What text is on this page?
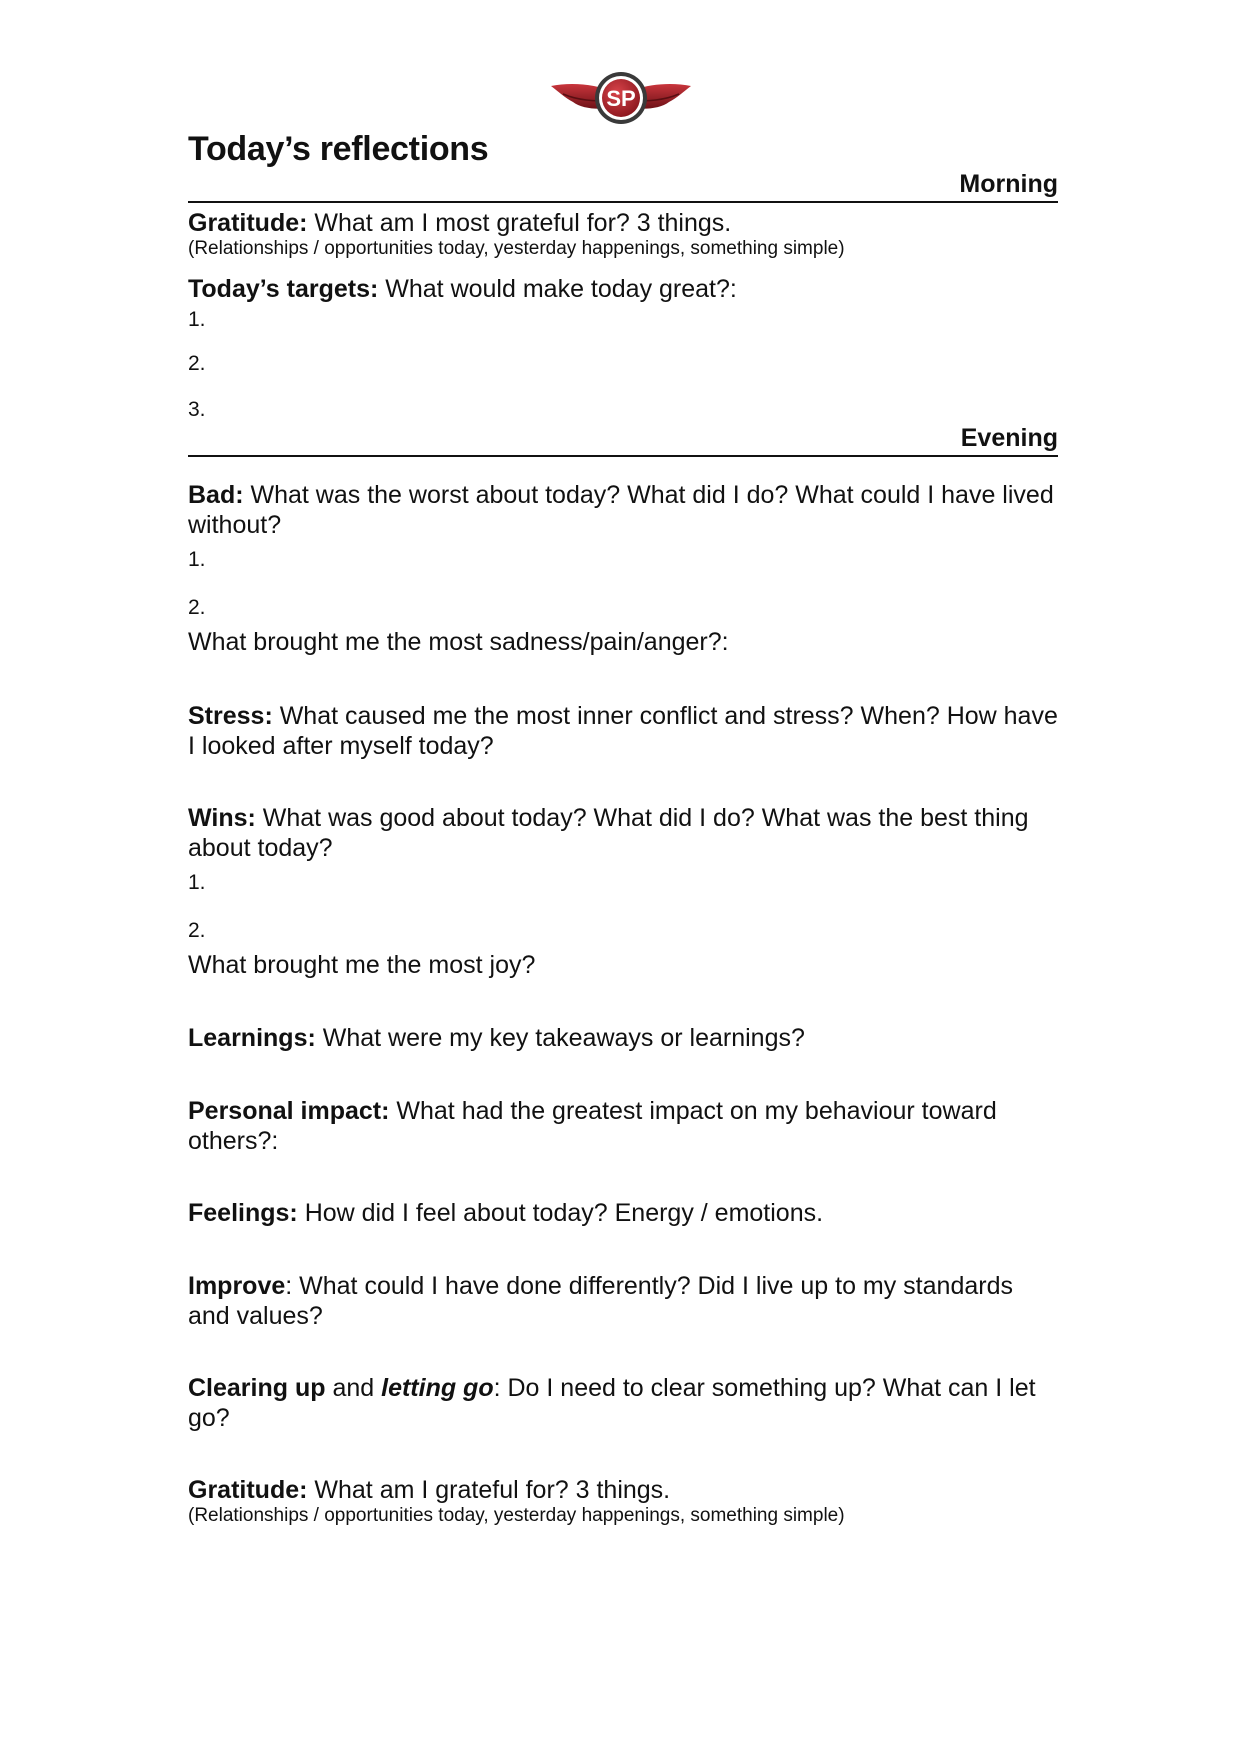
SP
Today’s reflections
Morning
Gratitude: What am I most grateful for? 3 things.
(Relationships / opportunities today, yesterday happenings, something simple)
Today’s targets: What would make today great?:
1.
2.
3.
Evening
Bad: What was the worst about today? What did I do? What could I have lived without?
1.
2.
What brought me the most sadness/pain/anger?:
Stress: What caused me the most inner conflict and stress? When? How have I looked after myself today?
Wins: What was good about today? What did I do? What was the best thing about today?
1.
2.
What brought me the most joy?
Learnings: What were my key takeaways or learnings?
Personal impact: What had the greatest impact on my behaviour toward others?:
Feelings: How did I feel about today? Energy / emotions.
Improve: What could I have done differently? Did I live up to my standards and values?
Clearing up and letting go: Do I need to clear something up? What can I let go?
Gratitude: What am I grateful for? 3 things.
(Relationships / opportunities today, yesterday happenings, something simple)
